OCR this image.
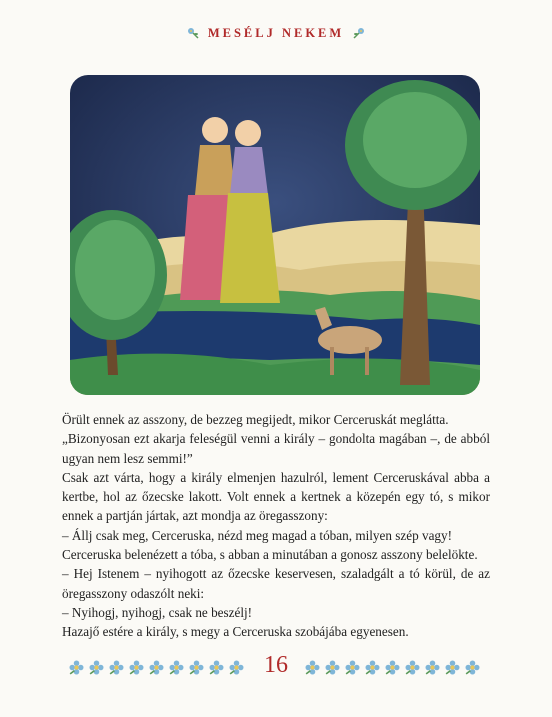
MESÉLJ NEKEM

Örült ennek az asszony, de bezzeg megijedt, mikor Cerceruskát meglátta.

„Bizonyosan ezt akarja feleségül venni a király – gondolta magában –, de abból ugyan nem lesz semmi!”

Csak azt várta, hogy a király elmenjen hazulról, lement Cerceruskával abba a kertbe, hol az őzecske lakott. Volt ennek a kertnek a közepén egy tó, s mikor ennek a partján jártak, azt mondja az öregasszony:

– Állj csak meg, Cerceruska, nézd meg magad a tóban, milyen szép vagy!

Cerceruska belenézett a tóba, s abban a minutában a gonosz asszony belelökte.

– Hej Istenem – nyihogott az őzecske keservesen, szaladgált a tó körül, de az öregasszony odaszólt neki:

– Nyihogj, nyihogj, csak ne beszélj!

Hazajő estére a király, s megy a Cerceruska szobájába egyenesen.

16
